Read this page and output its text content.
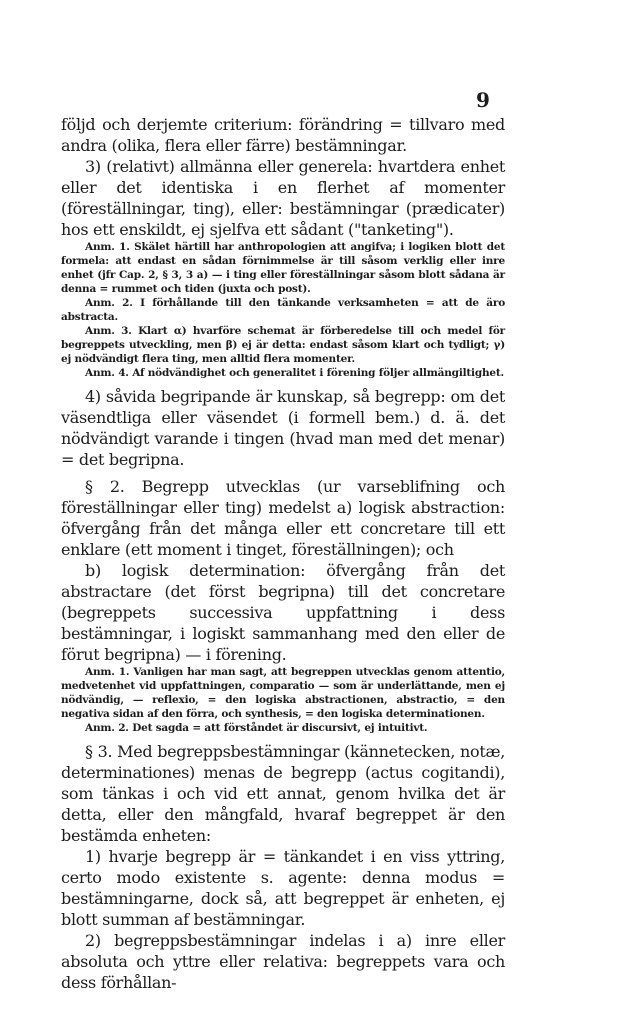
9

följd och derjemte criterium: förändring = tillvaro med andra (olika, flera eller färre) bestämningar.

3) (relativt) allmänna eller generela: hvartdera enhet eller det identiska i en flerhet af momenter (föreställningar, ting), eller: bestämningar (prædicater) hos ett enskildt, ej sjelfva ett sådant ("tanketing").

Anm. 1. Skälet härtill har anthropologien att angifva; i logiken blott det formela: att endast en sådan förnimmelse är till såsom verklig eller inre enhet (jfr Cap. 2, § 3, 3 a) — i ting eller föreställningar såsom blott sådana är denna = rummet och tiden (juxta och post).

Anm. 2. I förhållande till den tänkande verksamheten = att de äro abstracta.

Anm. 3. Klart α) hvarföre schemat är förberedelse till och medel för begreppets utveckling, men β) ej är detta: endast såsom klart och tydligt; γ) ej nödvändigt flera ting, men alltid flera momenter.

Anm. 4. Af nödvändighet och generalitet i förening följer allmängiltighet.

4) såvida begripande är kunskap, så begrepp: om det väsendtliga eller väsendet (i formell bem.) d. ä. det nödvändigt varande i tingen (hvad man med det menar) = det begripna.

§ 2. Begrepp utvecklas (ur varseblifning och föreställningar eller ting) medelst a) logisk abstraction: öfvergång från det många eller ett concretare till ett enklare (ett moment i tinget, föreställningen); och

b) logisk determination: öfvergång från det abstractare (det först begripna) till det concretare (begreppets successiva uppfattning i dess bestämningar, i logiskt sammanhang med den eller de förut begripna) — i förening.

Anm. 1. Vanligen har man sagt, att begreppen utvecklas genom attentio, medvetenhet vid uppfattningen, comparatio — som är underlättande, men ej nödvändig, — reflexio, = den logiska abstractionen, abstractio, = den negativa sidan af den förra, och synthesis, = den logiska determinationen.

Anm. 2. Det sagda = att förståndet är discursivt, ej intuitivt.

§ 3. Med begreppsbestämningar (kännetecken, notæ, determinationes) menas de begrepp (actus cogitandi), som tänkas i och vid ett annat, genom hvilka det är detta, eller den mångfald, hvaraf begreppet är den bestämda enheten:

1) hvarje begrepp är = tänkandet i en viss yttring, certo modo existente s. agente: denna modus = bestämningarne, dock så, att begreppet är enheten, ej blott summan af bestämningar.

2) begreppsbestämningar indelas i a) inre eller absoluta och yttre eller relativa: begreppets vara och dess förhållan-
